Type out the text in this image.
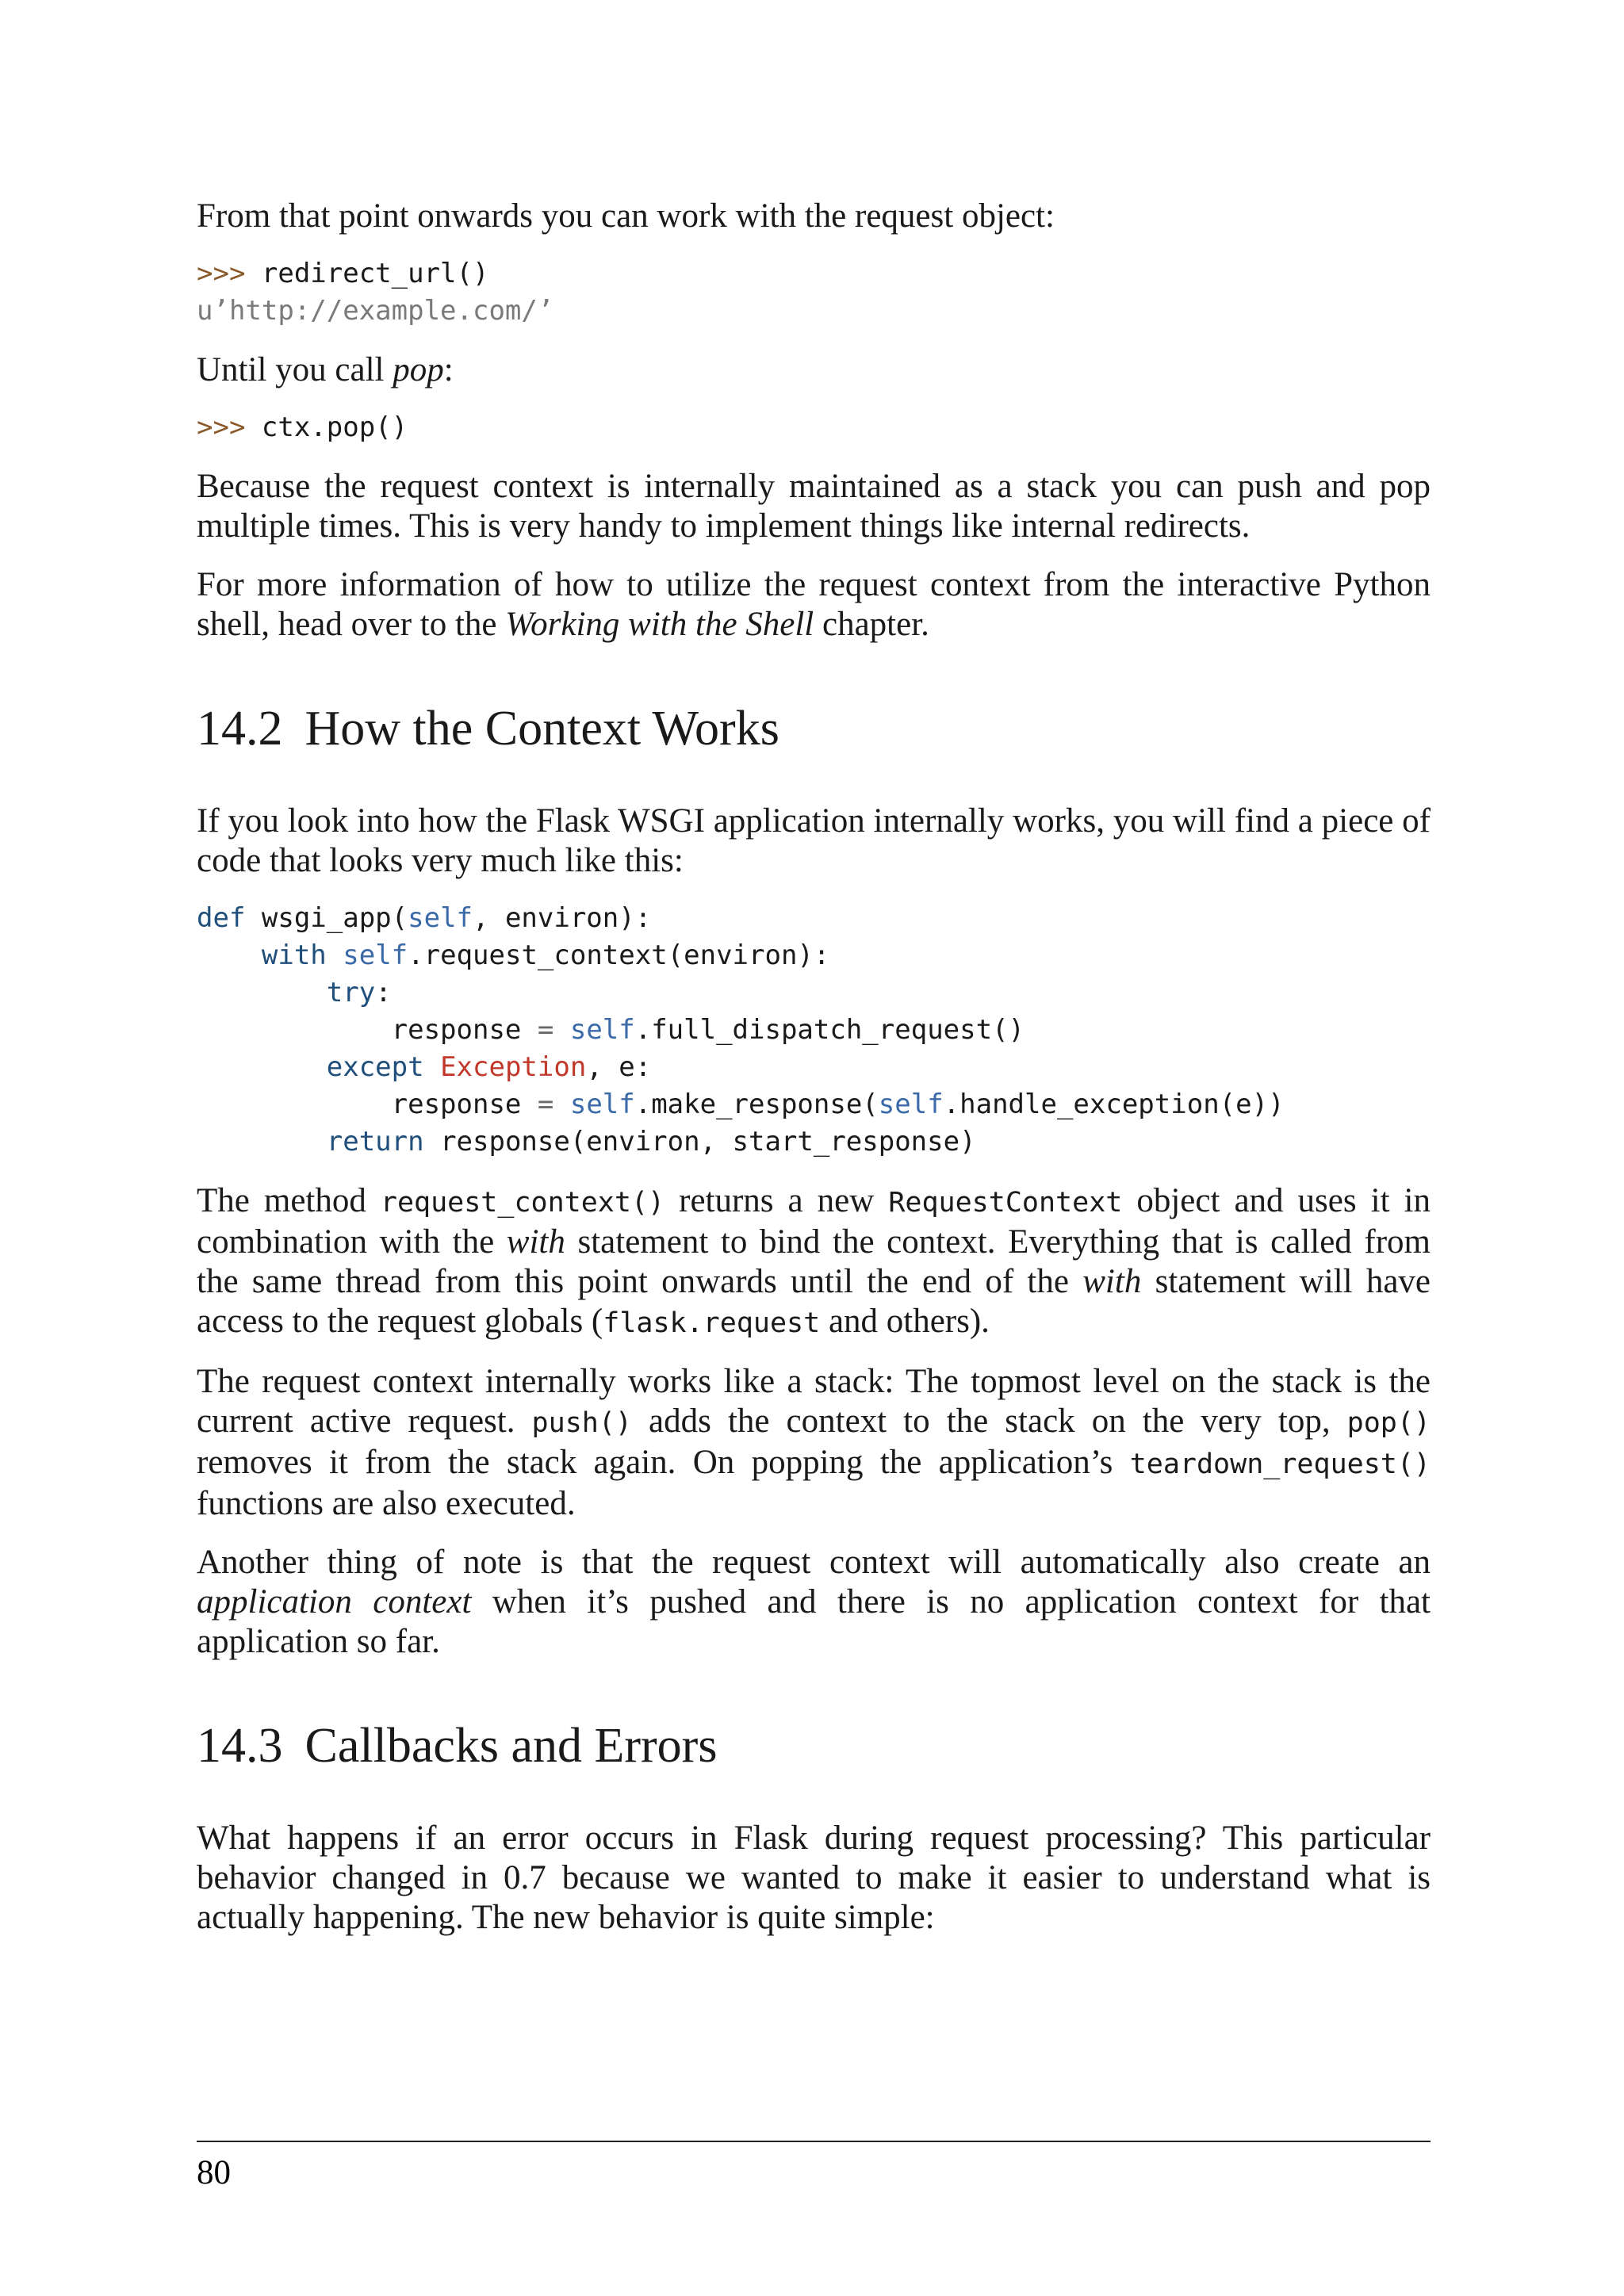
From that point onwards you can work with the request object:

>>> redirect_url()
u’http://example.com/’

Until you call pop:

>>> ctx.pop()

Because the request context is internally maintained as a stack you can push and pop multiple times. This is very handy to implement things like internal redirects.

For more information of how to utilize the request context from the interactive Python shell, head over to the Working with the Shell chapter.

14.2 How the Context Works

If you look into how the Flask WSGI application internally works, you will find a piece of code that looks very much like this:

def wsgi_app(self, environ):
with self.request_context(environ):
try:
response = self.full_dispatch_request()
except Exception, e:
response = self.make_response(self.handle_exception(e))
return response(environ, start_response)

The method request_context() returns a new RequestContext object and uses it in combination with the with statement to bind the context. Everything that is called from the same thread from this point onwards until the end of the with statement will have access to the request globals (flask.request and others).

The request context internally works like a stack: The topmost level on the stack is the current active request. push() adds the context to the stack on the very top, pop() removes it from the stack again. On popping the application’s teardown_request() functions are also executed.

Another thing of note is that the request context will automatically also create an application context when it’s pushed and there is no application context for that application so far.

14.3 Callbacks and Errors

What happens if an error occurs in Flask during request processing? This particular behavior changed in 0.7 because we wanted to make it easier to understand what is actually happening. The new behavior is quite simple:

80
